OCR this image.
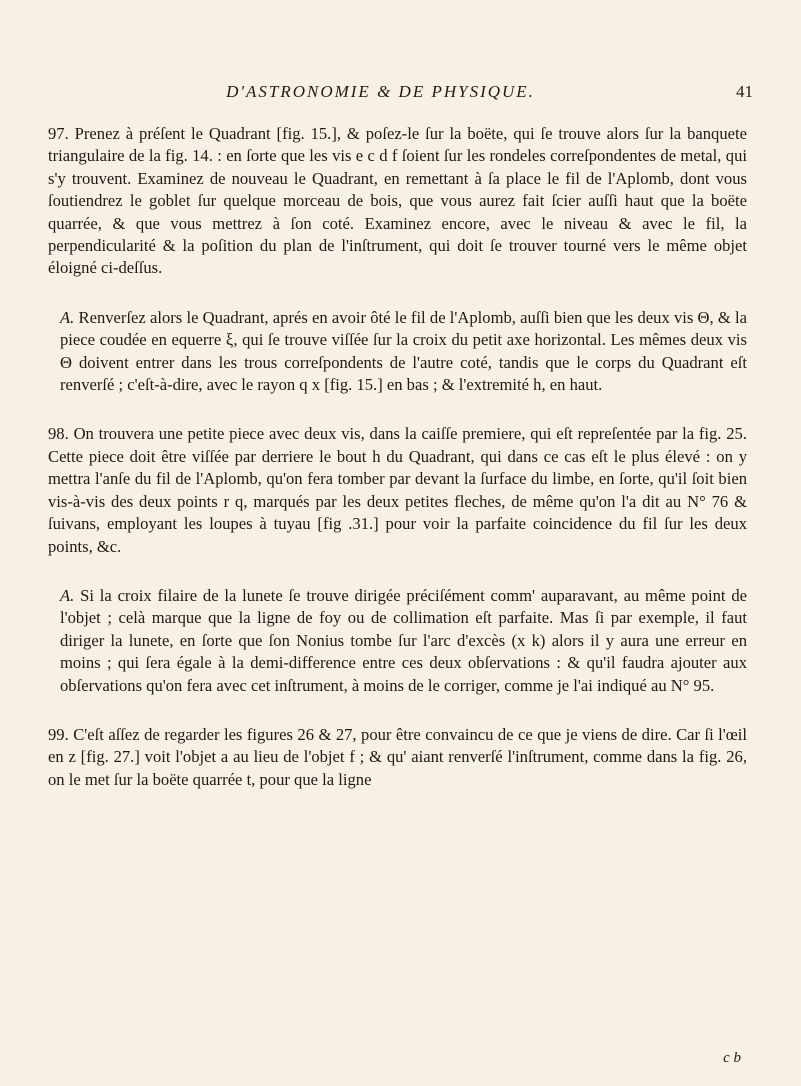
D'ASTRONOMIE & DE PHYSIQUE.	41

97. Prenez à préſent le Quadrant [fig. 15.], & poſez-le ſur la boëte, qui ſe trouve alors ſur la banquete triangulaire de la fig. 14. : en ſorte que les vis e c d f ſoient ſur les rondeles correſpondentes de metal, qui s'y trouvent. Examinez de nouveau le Quadrant, en remettant à ſa place le fil de l'Aplomb, dont vous ſoutiendrez le goblet ſur quelque morceau de bois, que vous aurez fait ſcier auſſi haut que la boëte quarrée, & que vous mettrez à ſon coté. Examinez encore, avec le niveau & avec le fil, la perpendicularité & la poſition du plan de l'inſtrument, qui doit ſe trouver tourné vers le même objet éloigné ci-deſſus.

A. Renverſez alors le Quadrant, aprés en avoir ôté le fil de l'Aplomb, auſſi bien que les deux vis Θ, & la piece coudée en equerre ξ, qui ſe trouve viſſée ſur la croix du petit axe horizontal. Les mêmes deux vis Θ doivent entrer dans les trous correſpondents de l'autre coté, tandis que le corps du Quadrant eſt renverſé ; c'eſt-à-dire, avec le rayon q x [fig. 15.] en bas ; & l'extremité h, en haut.

98. On trouvera une petite piece avec deux vis, dans la caiſſe premiere, qui eſt repreſentée par la fig. 25. Cette piece doit être viſſée par derriere le bout h du Quadrant, qui dans ce cas eſt le plus élevé : on y mettra l'anſe du fil de l'Aplomb, qu'on fera tomber par devant la ſurface du limbe, en ſorte, qu'il ſoit bien vis-à-vis des deux points r q, marqués par les deux petites fleches, de même qu'on l'a dit au N° 76 & ſuivans, employant les loupes à tuyau [fig .31.] pour voir la parfaite coincidence du fil ſur les deux points, &c.

A. Si la croix filaire de la lunete ſe trouve dirigée préciſément comm' auparavant, au même point de l'objet ; celà marque que la ligne de foy ou de collimation eſt parfaite. Mas ſi par exemple, il faut diriger la lunete, en ſorte que ſon Nonius tombe ſur l'arc d'excès (x k) alors il y aura une erreur en moins ; qui ſera égale à la demi-difference entre ces deux obſervations : & qu'il faudra ajouter aux obſervations qu'on fera avec cet inſtrument, à moins de le corriger, comme je l'ai indiqué au N° 95.

99. C'eſt aſſez de regarder les figures 26 & 27, pour être convaincu de ce que je viens de dire. Car ſi l'œil en z [fig. 27.] voit l'objet a au lieu de l'objet f ; & qu' aiant renverſé l'inſtrument, comme dans la fig. 26, on le met ſur la boëte quarrée t, pour que la ligne

c b
